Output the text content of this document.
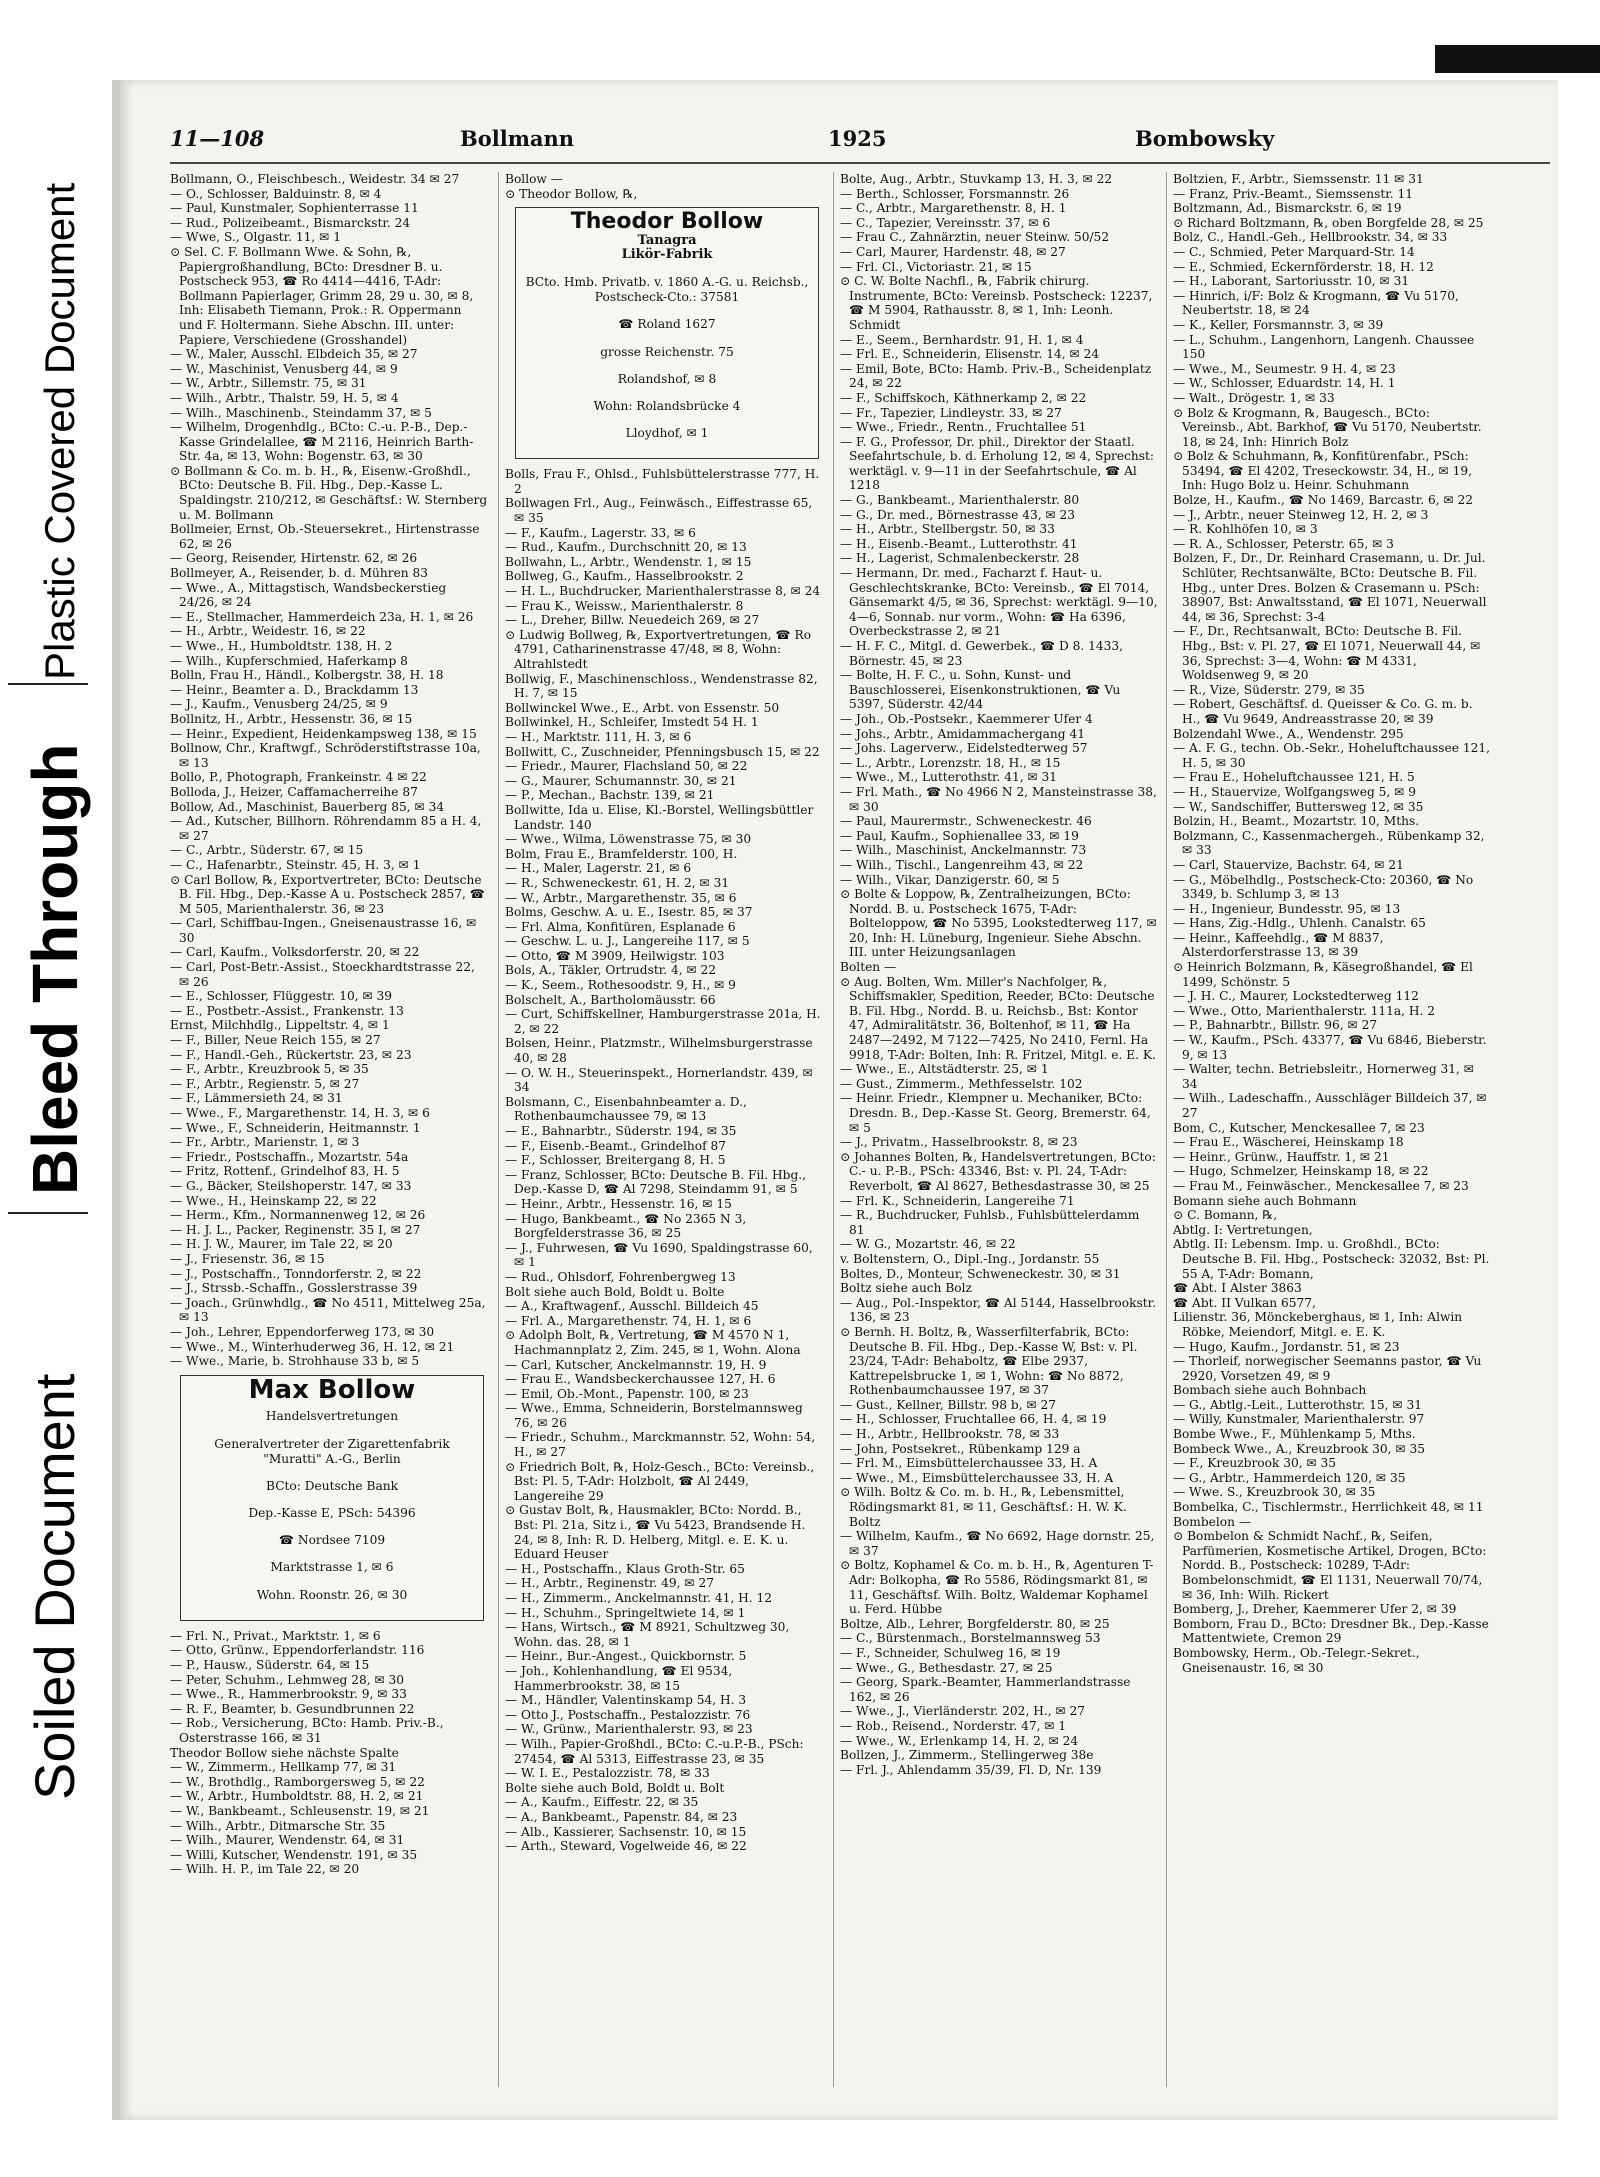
Soiled Document
Bleed Through
Plastic Covered Document
11—108	Bollmann	1925	Bombowsky

Bollmann, O., Fleischbesch., Weidestr. 34 ✉ 27

— O., Schlosser, Balduinstr. 8, ✉ 4

— Paul, Kunstmaler, Sophienterrasse 11

— Rud., Polizeibeamt., Bismarckstr. 24

— Wwe, S., Olgastr. 11, ✉ 1

⊙ Sel. C. F. Bollmann Wwe. & Sohn, ℞, Papiergroßhandlung, BCto: Dresdner B. u. Postscheck 953, ☎ Ro 4414—4416, T-Adr: Bollmann Papierlager, Grimm 28, 29 u. 30, ✉ 8, Inh: Elisabeth Tiemann, Prok.: R. Oppermann und F. Holtermann. Siehe Abschn. III. unter: Papiere, Verschiedene (Grosshandel)

— W., Maler, Ausschl. Elbdeich 35, ✉ 27

— W., Maschinist, Venusberg 44, ✉ 9

— W., Arbtr., Sillemstr. 75, ✉ 31

— Wilh., Arbtr., Thalstr. 59, H. 5, ✉ 4

— Wilh., Maschinenb., Steindamm 37, ✉ 5

— Wilhelm, Drogenhdlg., BCto: C.-u. P.-B., Dep.-Kasse Grindelallee, ☎ M 2116, Heinrich Barth-Str. 4a, ✉ 13, Wohn: Bogenstr. 63, ✉ 30

⊙ Bollmann & Co. m. b. H., ℞, Eisenw.-Großhdl., BCto: Deutsche B. Fil. Hbg., Dep.-Kasse L. Spaldingstr. 210/212, ✉ Geschäftsf.: W. Sternberg u. M. Bollmann

Bollmeier, Ernst, Ob.-Steuersekret., Hirtenstrasse 62, ✉ 26

— Georg, Reisender, Hirtenstr. 62, ✉ 26

Bollmeyer, A., Reisender, b. d. Mühren 83

— Wwe., A., Mittagstisch, Wandsbeckerstieg 24/26, ✉ 24

— E., Stellmacher, Hammerdeich 23a, H. 1, ✉ 26

— H., Arbtr., Weidestr. 16, ✉ 22

— Wwe., H., Humboldtstr. 138, H. 2

— Wilh., Kupferschmied, Haferkamp 8

Bolln, Frau H., Händl., Kolbergstr. 38, H. 18

— Heinr., Beamter a. D., Brackdamm 13

— J., Kaufm., Venusberg 24/25, ✉ 9

Bollnitz, H., Arbtr., Hessenstr. 36, ✉ 15

— Heinr., Expedient, Heidenkampsweg 138, ✉ 15

Bollnow, Chr., Kraftwgf., Schröderstiftstrasse 10a, ✉ 13

Bollo, P., Photograph, Frankeinstr. 4 ✉ 22

Bolloda, J., Heizer, Caffamacherreihe 87

Bollow, Ad., Maschinist, Bauerberg 85, ✉ 34

— Ad., Kutscher, Billhorn. Röhrendamm 85 a H. 4, ✉ 27

— C., Arbtr., Süderstr. 67, ✉ 15

— C., Hafenarbtr., Steinstr. 45, H. 3, ✉ 1

⊙ Carl Bollow, ℞, Exportvertreter, BCto: Deutsche B. Fil. Hbg., Dep.-Kasse A u. Postscheck 2857, ☎ M 505, Marienthalerstr. 36, ✉ 23

— Carl, Schiffbau-Ingen., Gneisenaustrasse 16, ✉ 30

— Carl, Kaufm., Volksdorferstr. 20, ✉ 22

— Carl, Post-Betr.-Assist., Stoeckhardtstrasse 22, ✉ 26

— E., Schlosser, Flüggestr. 10, ✉ 39

— E., Postbetr.-Assist., Frankenstr. 13

Ernst, Milchhdlg., Lippeltstr. 4, ✉ 1

— F., Biller, Neue Reich 155, ✉ 27

— F., Handl.-Geh., Rückertstr. 23, ✉ 23

— F., Arbtr., Kreuzbrook 5, ✉ 35

— F., Arbtr., Regienstr. 5, ✉ 27

— F., Lämmersieth 24, ✉ 31

— Wwe., F., Margarethenstr. 14, H. 3, ✉ 6

— Wwe., F., Schneiderin, Heitmannstr. 1

— Fr., Arbtr., Marienstr. 1, ✉ 3

— Friedr., Postschaffn., Mozartstr. 54a

— Fritz, Rottenf., Grindelhof 83, H. 5

— G., Bäcker, Steilshoperstr. 147, ✉ 33

— Wwe., H., Heinskamp 22, ✉ 22

— Herm., Kfm., Normannenweg 12, ✉ 26

— H. J. L., Packer, Reginenstr. 35 I, ✉ 27

— H. J. W., Maurer, im Tale 22, ✉ 20

— J., Friesenstr. 36, ✉ 15

— J., Postschaffn., Tonndorferstr. 2, ✉ 22

— J., Strssb.-Schaffn., Gosslerstrasse 39

— Joach., Grünwhdlg., ☎ No 4511, Mittelweg 25a, ✉ 13

— Joh., Lehrer, Eppendorferweg 173, ✉ 30

— Wwe., M., Winterhuderweg 36, H. 12, ✉ 21

— Wwe., Marie, b. Strohhause 33 b, ✉ 5

Max Bollow

Handelsvertretungen

Generalvertreter der Zigarettenfabrik "Muratti" A.-G., Berlin

BCto: Deutsche Bank

Dep.-Kasse E, PSch: 54396

☎ Nordsee 7109

Marktstrasse 1, ✉ 6

Wohn. Roonstr. 26, ✉ 30

— Frl. N., Privat., Marktstr. 1, ✉ 6

— Otto, Grünw., Eppendorferlandstr. 116

— P., Hausw., Süderstr. 64, ✉ 15

— Peter, Schuhm., Lehmweg 28, ✉ 30

— Wwe., R., Hammerbrookstr. 9, ✉ 33

— R. F., Beamter, b. Gesundbrunnen 22

— Rob., Versicherung, BCto: Hamb. Priv.-B., Osterstrasse 166, ✉ 31

Theodor Bollow siehe nächste Spalte

— W., Zimmerm., Hellkamp 77, ✉ 31

— W., Brothdlg., Ramborgersweg 5, ✉ 22

— W., Arbtr., Humboldtstr. 88, H. 2, ✉ 21

— W., Bankbeamt., Schleusenstr. 19, ✉ 21

— Wilh., Arbtr., Ditmarsche Str. 35

— Wilh., Maurer, Wendenstr. 64, ✉ 31

— Willi, Kutscher, Wendenstr. 191, ✉ 35

— Wilh. H. P., im Tale 22, ✉ 20

Bollow —

⊙ Theodor Bollow, ℞,

Theodor Bollow
Tanagra
Likör-Fabrik

BCto. Hmb. Privatb. v. 1860 A.-G. u. Reichsb., Postscheck-Cto.: 37581

☎ Roland 1627

grosse Reichenstr. 75

Rolandshof, ✉ 8

Wohn: Rolandsbrücke 4

Lloydhof, ✉ 1

Bolls, Frau F., Ohlsd., Fuhlsbüttelerstrasse 777, H. 2

Bollwagen Frl., Aug., Feinwäsch., Eiffestrasse 65, ✉ 35

— F., Kaufm., Lagerstr. 33, ✉ 6

— Rud., Kaufm., Durchschnitt 20, ✉ 13

Bollwahn, L., Arbtr., Wendenstr. 1, ✉ 15

Bollweg, G., Kaufm., Hasselbrookstr. 2

— H. L., Buchdrucker, Marienthalerstrasse 8, ✉ 24

— Frau K., Weissw., Marienthalerstr. 8

— L., Dreher, Billw. Neuedeich 269, ✉ 27

⊙ Ludwig Bollweg, ℞, Exportvertretungen, ☎ Ro 4791, Catharinenstrasse 47/48, ✉ 8, Wohn: Altrahlstedt

Bollwig, F., Maschinenschloss., Wendenstrasse 82, H. 7, ✉ 15

Bollwinckel Wwe., E., Arbt. von Essenstr. 50

Bollwinkel, H., Schleifer, Imstedt 54 H. 1

— H., Marktstr. 111, H. 3, ✉ 6

Bollwitt, C., Zuschneider, Pfenningsbusch 15, ✉ 22

— Friedr., Maurer, Flachsland 50, ✉ 22

— G., Maurer, Schumannstr. 30, ✉ 21

— P., Mechan., Bachstr. 139, ✉ 21

Bollwitte, Ida u. Elise, Kl.-Borstel, Wellingsbüttler Landstr. 140

— Wwe., Wilma, Löwenstrasse 75, ✉ 30

Bolm, Frau E., Bramfelderstr. 100, H.

— H., Maler, Lagerstr. 21, ✉ 6

— R., Schweneckestr. 61, H. 2, ✉ 31

— W., Arbtr., Margarethenstr. 35, ✉ 6

Bolms, Geschw. A. u. E., Isestr. 85, ✉ 37

— Frl. Alma, Konfitüren, Esplanade 6

— Geschw. L. u. J., Langereihe 117, ✉ 5

— Otto, ☎ M 3909, Heilwigstr. 103

Bols, A., Täkler, Ortrudstr. 4, ✉ 22

— K., Seem., Rothesoodstr. 9, H., ✉ 9

Bolschelt, A., Bartholomäusstr. 66

— Curt, Schiffskellner, Hamburgerstrasse 201a, H. 2, ✉ 22

Bolsen, Heinr., Platzmstr., Wilhelmsburgerstrasse 40, ✉ 28

— O. W. H., Steuerinspekt., Hornerlandstr. 439, ✉ 34

Bolsmann, C., Eisenbahnbeamter a. D., Rothenbaumchaussee 79, ✉ 13

— E., Bahnarbtr., Süderstr. 194, ✉ 35

— F., Eisenb.-Beamt., Grindelhof 87

— F., Schlosser, Breitergang 8, H. 5

— Franz, Schlosser, BCto: Deutsche B. Fil. Hbg., Dep.-Kasse D, ☎ Al 7298, Steindamm 91, ✉ 5

— Heinr., Arbtr., Hessenstr. 16, ✉ 15

— Hugo, Bankbeamt., ☎ No 2365 N 3, Borgfelderstrasse 36, ✉ 25

— J., Fuhrwesen, ☎ Vu 1690, Spaldingstrasse 60, ✉ 1

— Rud., Ohlsdorf, Fohrenbergweg 13

Bolt siehe auch Bold, Boldt u. Bolte

— A., Kraftwagenf., Ausschl. Billdeich 45

— Frl. A., Margarethenstr. 74, H. 1, ✉ 6

⊙ Adolph Bolt, ℞, Vertretung, ☎ M 4570 N 1, Hachmannplatz 2, Zim. 245, ✉ 1, Wohn. Alona

— Carl, Kutscher, Anckelmannstr. 19, H. 9

— Frau E., Wandsbeckerchaussee 127, H. 6

— Emil, Ob.-Mont., Papenstr. 100, ✉ 23

— Wwe., Emma, Schneiderin, Borstelmannsweg 76, ✉ 26

— Friedr., Schuhm., Marckmannstr. 52, Wohn: 54, H., ✉ 27

⊙ Friedrich Bolt, ℞, Holz-Gesch., BCto: Vereinsb., Bst: Pl. 5, T-Adr: Holzbolt, ☎ Al 2449, Langereihe 29

⊙ Gustav Bolt, ℞, Hausmakler, BCto: Nordd. B., Bst: Pl. 21a, Sitz i., ☎ Vu 5423, Brandsende H. 24, ✉ 8, Inh: R. D. Helberg, Mitgl. e. E. K. u. Eduard Heuser

— H., Postschaffn., Klaus Groth-Str. 65

— H., Arbtr., Reginenstr. 49, ✉ 27

— H., Zimmerm., Anckelmannstr. 41, H. 12

— H., Schuhm., Springeltwiete 14, ✉ 1

— Hans, Wirtsch., ☎ M 8921, Schultzweg 30, Wohn. das. 28, ✉ 1

— Heinr., Bur.-Angest., Quickbornstr. 5

— Joh., Kohlenhandlung, ☎ El 9534, Hammerbrookstr. 38, ✉ 15

— M., Händler, Valentinskamp 54, H. 3

— Otto J., Postschaffn., Pestalozzistr. 76

— W., Grünw., Marienthalerstr. 93, ✉ 23

— Wilh., Papier-Großhdl., BCto: C.-u.P.-B., PSch: 27454, ☎ Al 5313, Eiffestrasse 23, ✉ 35

— W. I. E., Pestalozzistr. 78, ✉ 33

Bolte siehe auch Bold, Boldt u. Bolt

— A., Kaufm., Eiffestr. 22, ✉ 35

— A., Bankbeamt., Papenstr. 84, ✉ 23

— Alb., Kassierer, Sachsenstr. 10, ✉ 15

— Arth., Steward, Vogelweide 46, ✉ 22

Bolte, Aug., Arbtr., Stuvkamp 13, H. 3, ✉ 22

— Berth., Schlosser, Forsmannstr. 26

— C., Arbtr., Margarethenstr. 8, H. 1

— C., Tapezier, Vereinsstr. 37, ✉ 6

— Frau C., Zahnärztin, neuer Steinw. 50/52

— Carl, Maurer, Hardenstr. 48, ✉ 27

— Frl. Cl., Victoriastr. 21, ✉ 15

⊙ C. W. Bolte Nachfl., ℞, Fabrik chirurg. Instrumente, BCto: Vereinsb. Postscheck: 12237, ☎ M 5904, Rathausstr. 8, ✉ 1, Inh: Leonh. Schmidt

— E., Seem., Bernhardstr. 91, H. 1, ✉ 4

— Frl. E., Schneiderin, Elisenstr. 14, ✉ 24

— Emil, Bote, BCto: Hamb. Priv.-B., Scheidenplatz 24, ✉ 22

— F., Schiffskoch, Käthnerkamp 2, ✉ 22

— Fr., Tapezier, Lindleystr. 33, ✉ 27

— Wwe., Friedr., Rentn., Fruchtallee 51

— F. G., Professor, Dr. phil., Direktor der Staatl. Seefahrtschule, b. d. Erholung 12, ✉ 4, Sprechst: werktägl. v. 9—11 in der Seefahrtschule, ☎ Al 1218

— G., Bankbeamt., Marienthalerstr. 80

— G., Dr. med., Börnestrasse 43, ✉ 23

— H., Arbtr., Stellbergstr. 50, ✉ 33

— H., Eisenb.-Beamt., Lutterothstr. 41

— H., Lagerist, Schmalenbeckerstr. 28

— Hermann, Dr. med., Facharzt f. Haut- u. Geschlechtskranke, BCto: Vereinsb., ☎ El 7014, Gänsemarkt 4/5, ✉ 36, Sprechst: werktägl. 9—10, 4—6, Sonnab. nur vorm., Wohn: ☎ Ha 6396, Overbeckstrasse 2, ✉ 21

— H. F. C., Mitgl. d. Gewerbek., ☎ D 8. 1433, Börnestr. 45, ✉ 23

— Bolte, H. F. C., u. Sohn, Kunst- und Bauschlosserei, Eisenkonstruktionen, ☎ Vu 5397, Süderstr. 42/44

— Joh., Ob.-Postsekr., Kaemmerer Ufer 4

— Johs., Arbtr., Amidammachergang 41

— Johs. Lagerverw., Eidelstedterweg 57

— L., Arbtr., Lorenzstr. 18, H., ✉ 15

— Wwe., M., Lutterothstr. 41, ✉ 31

— Frl. Math., ☎ No 4966 N 2, Mansteinstrasse 38, ✉ 30

— Paul, Maurermstr., Schweneckestr. 46

— Paul, Kaufm., Sophienallee 33, ✉ 19

— Wilh., Maschinist, Anckelmannstr. 73

— Wilh., Tischl., Langenreihm 43, ✉ 22

— Wilh., Vikar, Danzigerstr. 60, ✉ 5

⊙ Bolte & Loppow, ℞, Zentralheizungen, BCto: Nordd. B. u. Postscheck 1675, T-Adr: Bolteloppow, ☎ No 5395, Lookstedterweg 117, ✉ 20, Inh: H. Lüneburg, Ingenieur. Siehe Abschn. III. unter Heizungsanlagen

Bolten —

⊙ Aug. Bolten, Wm. Miller's Nachfolger, ℞, Schiffsmakler, Spedition, Reeder, BCto: Deutsche B. Fil. Hbg., Nordd. B. u. Reichsb., Bst: Kontor 47, Admiralitätstr. 36, Boltenhof, ✉ 11, ☎ Ha 2487—2492, M 7122—7425, No 2410, Fernl. Ha 9918, T-Adr: Bolten, Inh: R. Fritzel, Mitgl. e. E. K.

— Wwe., E., Altstädterstr. 25, ✉ 1

— Gust., Zimmerm., Methfesselstr. 102

— Heinr. Friedr., Klempner u. Mechaniker, BCto: Dresdn. B., Dep.-Kasse St. Georg, Bremerstr. 64, ✉ 5

— J., Privatm., Hasselbrookstr. 8, ✉ 23

⊙ Johannes Bolten, ℞, Handelsvertretungen, BCto: C.- u. P.-B., PSch: 43346, Bst: v. Pl. 24, T-Adr: Reverbolt, ☎ Al 8627, Bethesdastrasse 30, ✉ 25

— Frl. K., Schneiderin, Langereihe 71

— R., Buchdrucker, Fuhlsb., Fuhlsbüttelerdamm 81

— W. G., Mozartstr. 46, ✉ 22

v. Boltenstern, O., Dipl.-Ing., Jordanstr. 55

Boltes, D., Monteur, Schweneckestr. 30, ✉ 31

Boltz siehe auch Bolz

— Aug., Pol.-Inspektor, ☎ Al 5144, Hasselbrookstr. 136, ✉ 23

⊙ Bernh. H. Boltz, ℞, Wasserfilterfabrik, BCto: Deutsche B. Fil. Hbg., Dep.-Kasse W, Bst: v. Pl. 23/24, T-Adr: Behaboltz, ☎ Elbe 2937, Kattrepelsbrucke 1, ✉ 1, Wohn: ☎ No 8872, Rothenbaumchaussee 197, ✉ 37

— Gust., Kellner, Billstr. 98 b, ✉ 27

— H., Schlosser, Fruchtallee 66, H. 4, ✉ 19

— H., Arbtr., Hellbrookstr. 78, ✉ 33

— John, Postsekret., Rübenkamp 129 a

— Frl. M., Eimsbüttelerchaussee 33, H. A

— Wwe., M., Eimsbüttelerchaussee 33, H. A

⊙ Wilh. Boltz & Co. m. b. H., ℞, Lebensmittel, Rödingsmarkt 81, ✉ 11, Geschäftsf.: H. W. K. Boltz

— Wilhelm, Kaufm., ☎ No 6692, Hage dornstr. 25, ✉ 37

⊙ Boltz, Kophamel & Co. m. b. H., ℞, Agenturen T-Adr: Bolkopha, ☎ Ro 5586, Rödingsmarkt 81, ✉ 11, Geschäftsf. Wilh. Boltz, Waldemar Kophamel u. Ferd. Hübbe

Boltze, Alb., Lehrer, Borgfelderstr. 80, ✉ 25

— C., Bürstenmach., Borstelmannsweg 53

— F., Schneider, Schulweg 16, ✉ 19

— Wwe., G., Bethesdastr. 27, ✉ 25

— Georg, Spark.-Beamter, Hammerlandstrasse 162, ✉ 26

— Wwe., J., Vierländerstr. 202, H., ✉ 27

— Rob., Reisend., Norderstr. 47, ✉ 1

— Wwe., W., Erlenkamp 14, H. 2, ✉ 24

Bollzen, J., Zimmerm., Stellingerweg 38e

— Frl. J., Ahlendamm 35/39, Fl. D, Nr. 139

Boltzien, F., Arbtr., Siemssenstr. 11 ✉ 31

— Franz, Priv.-Beamt., Siemssenstr. 11

Boltzmann, Ad., Bismarckstr. 6, ✉ 19

⊙ Richard Boltzmann, ℞, oben Borgfelde 28, ✉ 25

Bolz, C., Handl.-Geh., Hellbrookstr. 34, ✉ 33

— C., Schmied, Peter Marquard-Str. 14

— E., Schmied, Eckernförderstr. 18, H. 12

— H., Laborant, Sartoriusstr. 10, ✉ 31

— Hinrich, i/F: Bolz & Krogmann, ☎ Vu 5170, Neubertstr. 18, ✉ 24

— K., Keller, Forsmannstr. 3, ✉ 39

— L., Schuhm., Langenhorn, Langenh. Chaussee 150

— Wwe., M., Seumestr. 9 H. 4, ✉ 23

— W., Schlosser, Eduardstr. 14, H. 1

— Walt., Drögestr. 1, ✉ 33

⊙ Bolz & Krogmann, ℞, Baugesch., BCto: Vereinsb., Abt. Barkhof, ☎ Vu 5170, Neubertstr. 18, ✉ 24, Inh: Hinrich Bolz

⊙ Bolz & Schuhmann, ℞, Konfitürenfabr., PSch: 53494, ☎ El 4202, Treseckowstr. 34, H., ✉ 19, Inh: Hugo Bolz u. Heinr. Schuhmann

Bolze, H., Kaufm., ☎ No 1469, Barcastr. 6, ✉ 22

— J., Arbtr., neuer Steinweg 12, H. 2, ✉ 3

— R. Kohlhöfen 10, ✉ 3

— R. A., Schlosser, Peterstr. 65, ✉ 3

Bolzen, F., Dr., Dr. Reinhard Crasemann, u. Dr. Jul. Schlüter, Rechtsanwälte, BCto: Deutsche B. Fil. Hbg., unter Dres. Bolzen & Crasemann u. PSch: 38907, Bst: Anwaltsstand, ☎ El 1071, Neuerwall 44, ✉ 36, Sprechst: 3-4

— F., Dr., Rechtsanwalt, BCto: Deutsche B. Fil. Hbg., Bst: v. Pl. 27, ☎ El 1071, Neuerwall 44, ✉ 36, Sprechst: 3—4, Wohn: ☎ M 4331, Woldsenweg 9, ✉ 20

— R., Vize, Süderstr. 279, ✉ 35

— Robert, Geschäftsf. d. Queisser & Co. G. m. b. H., ☎ Vu 9649, Andreasstrasse 20, ✉ 39

Bolzendahl Wwe., A., Wendenstr. 295

— A. F. G., techn. Ob.-Sekr., Hoheluftchaussee 121, H. 5, ✉ 30

— Frau E., Hoheluftchaussee 121, H. 5

— H., Stauervize, Wolfgangsweg 5, ✉ 9

— W., Sandschiffer, Buttersweg 12, ✉ 35

Bolzin, H., Beamt., Mozartstr. 10, Mths.

Bolzmann, C., Kassenmachergeh., Rübenkamp 32, ✉ 33

— Carl, Stauervize, Bachstr. 64, ✉ 21

— G., Möbelhdlg., Postscheck-Cto: 20360, ☎ No 3349, b. Schlump 3, ✉ 13

— H., Ingenieur, Bundesstr. 95, ✉ 13

— Hans, Zig.-Hdlg., Uhlenh. Canalstr. 65

— Heinr., Kaffeehdlg., ☎ M 8837, Alsterdorferstrasse 13, ✉ 39

⊙ Heinrich Bolzmann, ℞, Käsegroßhandel, ☎ El 1499, Schönstr. 5

— J. H. C., Maurer, Lockstedterweg 112

— Wwe., Otto, Marienthalerstr. 111a, H. 2

— P., Bahnarbtr., Billstr. 96, ✉ 27

— W., Kaufm., PSch. 43377, ☎ Vu 6846, Bieberstr. 9, ✉ 13

— Walter, techn. Betriebsleitr., Hornerweg 31, ✉ 34

— Wilh., Ladeschaffn., Ausschläger Billdeich 37, ✉ 27

Bom, C., Kutscher, Menckesallee 7, ✉ 23

— Frau E., Wäscherei, Heinskamp 18

— Heinr., Grünw., Hauffstr. 1, ✉ 21

— Hugo, Schmelzer, Heinskamp 18, ✉ 22

— Frau M., Feinwäscher., Menckesallee 7, ✉ 23

Bomann siehe auch Bohmann

⊙ C. Bomann, ℞,

Abtlg. I: Vertretungen,

Abtlg. II: Lebensm. Imp. u. Großhdl., BCto: Deutsche B. Fil. Hbg., Postscheck: 32032, Bst: Pl. 55 A, T-Adr: Bomann,

☎ Abt. I Alster 3863

☎ Abt. II Vulkan 6577,

Lilienstr. 36, Mönckeberghaus, ✉ 1, Inh: Alwin Röbke, Meiendorf, Mitgl. e. E. K.

— Hugo, Kaufm., Jordanstr. 51, ✉ 23

— Thorleif, norwegischer Seemanns pastor, ☎ Vu 2920, Vorsetzen 49, ✉ 9

Bombach siehe auch Bohnbach

— G., Abtlg.-Leit., Lutterothstr. 15, ✉ 31

— Willy, Kunstmaler, Marienthalerstr. 97

Bombe Wwe., F., Mühlenkamp 5, Mths.

Bombeck Wwe., A., Kreuzbrook 30, ✉ 35

— F., Kreuzbrook 30, ✉ 35

— G., Arbtr., Hammerdeich 120, ✉ 35

— Wwe. S., Kreuzbrook 30, ✉ 35

Bombelka, C., Tischlermstr., Herrlichkeit 48, ✉ 11

Bombelon —

⊙ Bombelon & Schmidt Nachf., ℞, Seifen, Parfümerien, Kosmetische Artikel, Drogen, BCto: Nordd. B., Postscheck: 10289, T-Adr: Bombelonschmidt, ☎ El 1131, Neuerwall 70/74, ✉ 36, Inh: Wilh. Rickert

Bomberg, J., Dreher, Kaemmerer Ufer 2, ✉ 39

Bomborn, Frau D., BCto: Dresdner Bk., Dep.-Kasse Mattentwiete, Cremon 29

Bombowsky, Herm., Ob.-Telegr.-Sekret., Gneisenaustr. 16, ✉ 30
